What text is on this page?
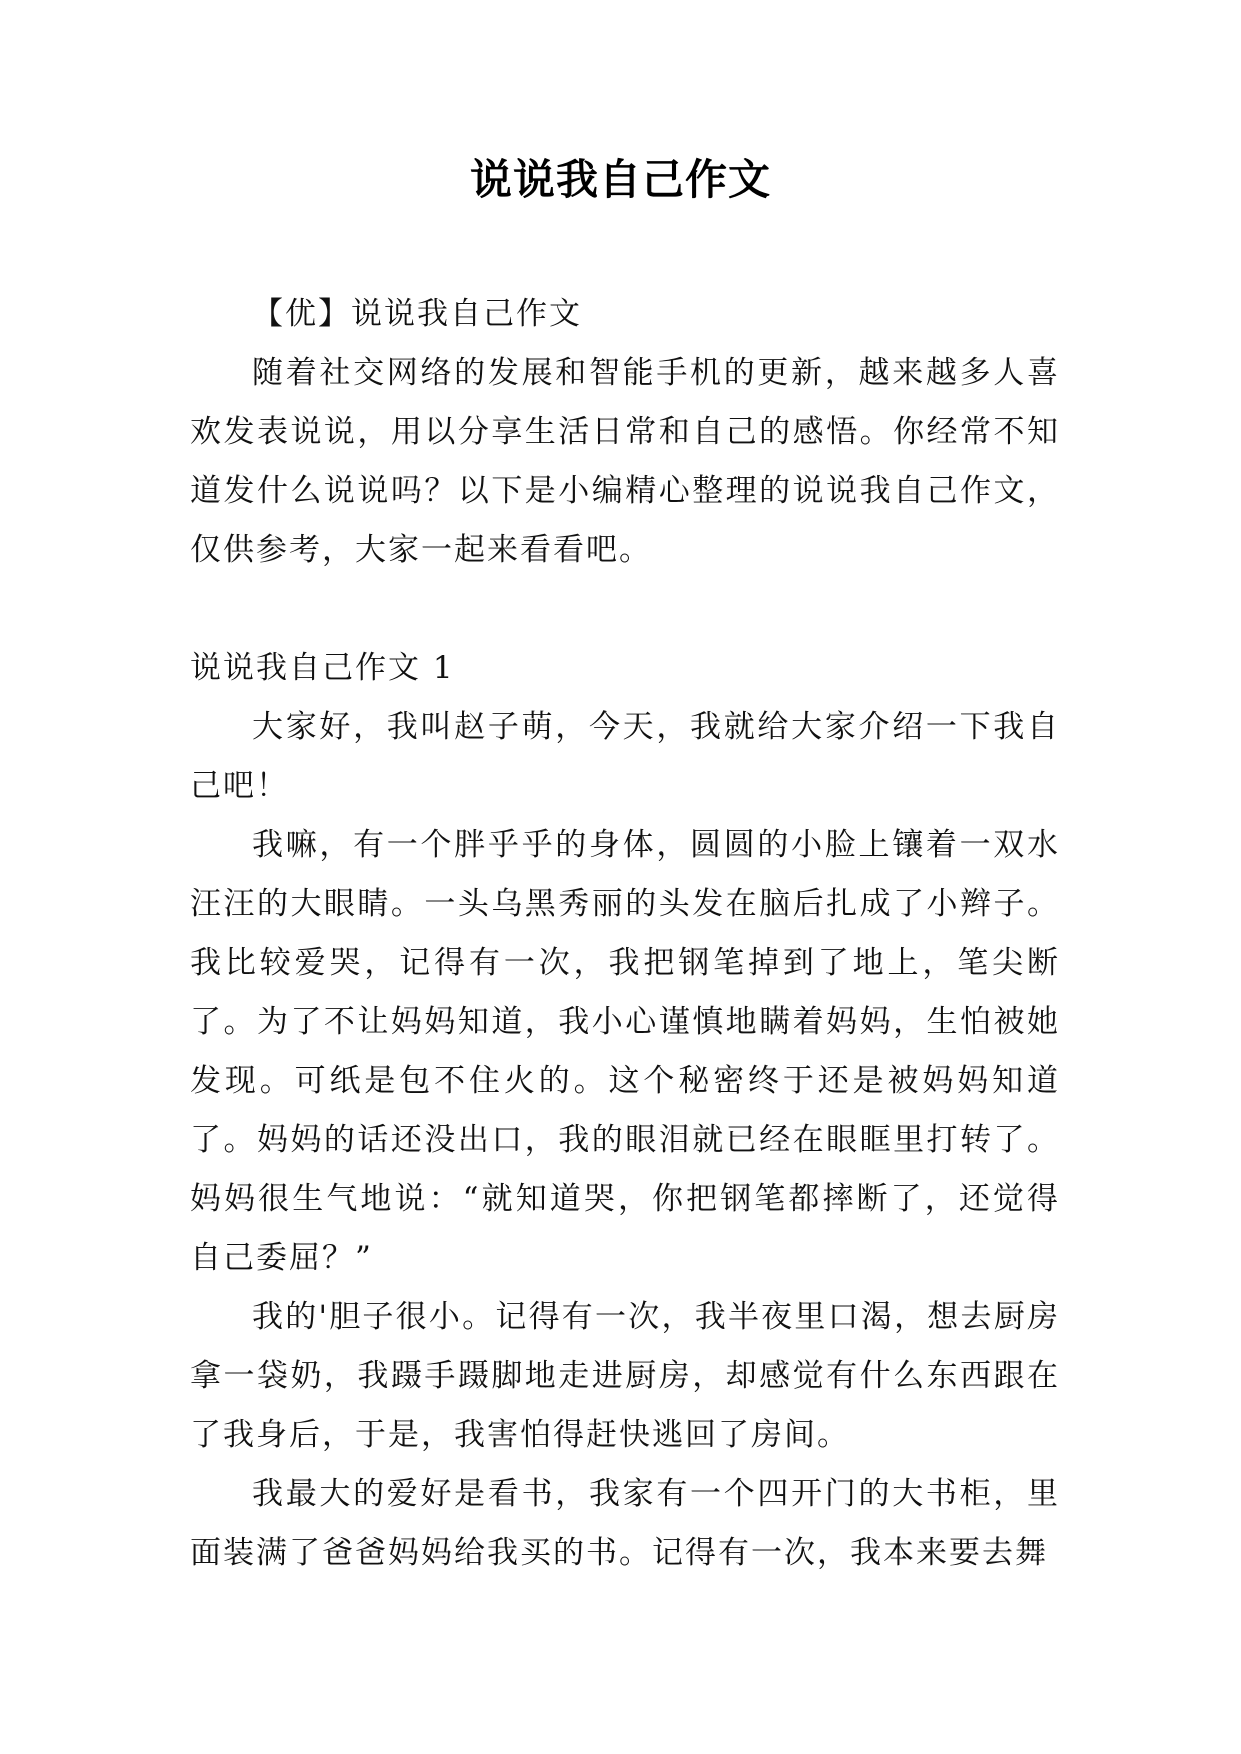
说说我自己作文

【优】说说我自己作文

随着社交网络的发展和智能手机的更新，越来越多人喜欢发表说说，用以分享生活日常和自己的感悟。你经常不知道发什么说说吗？以下是小编精心整理的说说我自己作文，仅供参考，大家一起来看看吧。

说说我自己作文 1

大家好，我叫赵子萌，今天，我就给大家介绍一下我自己吧！

我嘛，有一个胖乎乎的身体，圆圆的小脸上镶着一双水汪汪的大眼睛。一头乌黑秀丽的头发在脑后扎成了小辫子。我比较爱哭，记得有一次，我把钢笔掉到了地上，笔尖断了。为了不让妈妈知道，我小心谨慎地瞒着妈妈，生怕被她发现。可纸是包不住火的。这个秘密终于还是被妈妈知道了。妈妈的话还没出口，我的眼泪就已经在眼眶里打转了。妈妈很生气地说：“就知道哭，你把钢笔都摔断了，还觉得自己委屈？”

我的'胆子很小。记得有一次，我半夜里口渴，想去厨房拿一袋奶，我蹑手蹑脚地走进厨房，却感觉有什么东西跟在了我身后，于是，我害怕得赶快逃回了房间。

我最大的爱好是看书，我家有一个四开门的大书柜，里面装满了爸爸妈妈给我买的书。记得有一次，我本来要去舞
